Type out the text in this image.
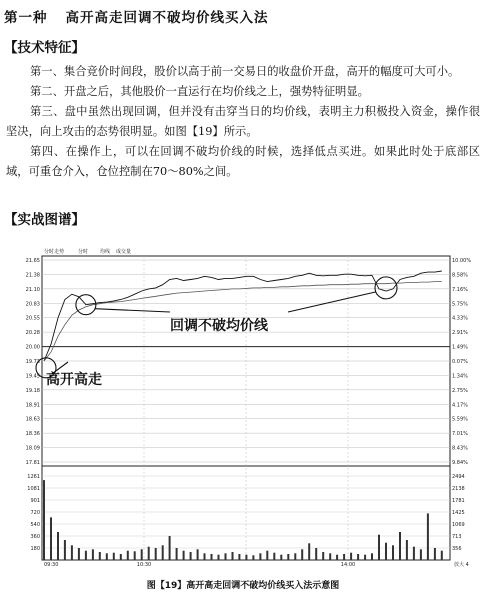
第一种 高开高走回调不破均价线买入法
【技术特征】

第一、集合竞价时间段，股价以高于前一交易日的收盘价开盘，高开的幅度可大可小。

第二、开盘之后，其他股价一直运行在均价线之上，强势特征明显。

第三、盘中虽然出现回调，但并没有击穿当日的均价线，表明主力积极投入资金，操作很坚决，向上攻击的态势很明显。如图【19】所示。

第四、在操作上，可以在回调不破均价线的时候，选择低点买进。如果此时处于底部区域，可重仓介入，仓位控制在70～80%之间。

【实战图谱】
分时走势	分时 均线 成交量
21.65	10.00%
21.38	8.58%
21.10	7.16%
20.83	5.75%
20.55	4.33%
20.28	2.91%
20.00	1.49%
19.73	0.07%
19.45	1.34%
19.18	2.75%
18.91	4.17%
18.63	5.59%
18.36	7.01%
18.09	8.43%
17.81	9.84%
1261	2494
1081	2138
901	1781
720	1425
540	1069
360	713
180	356
09:30	10:30	14:00	放大 4
回调不破均价线
高开高走
图【19】高开高走回调不破均价线买入法示意图
